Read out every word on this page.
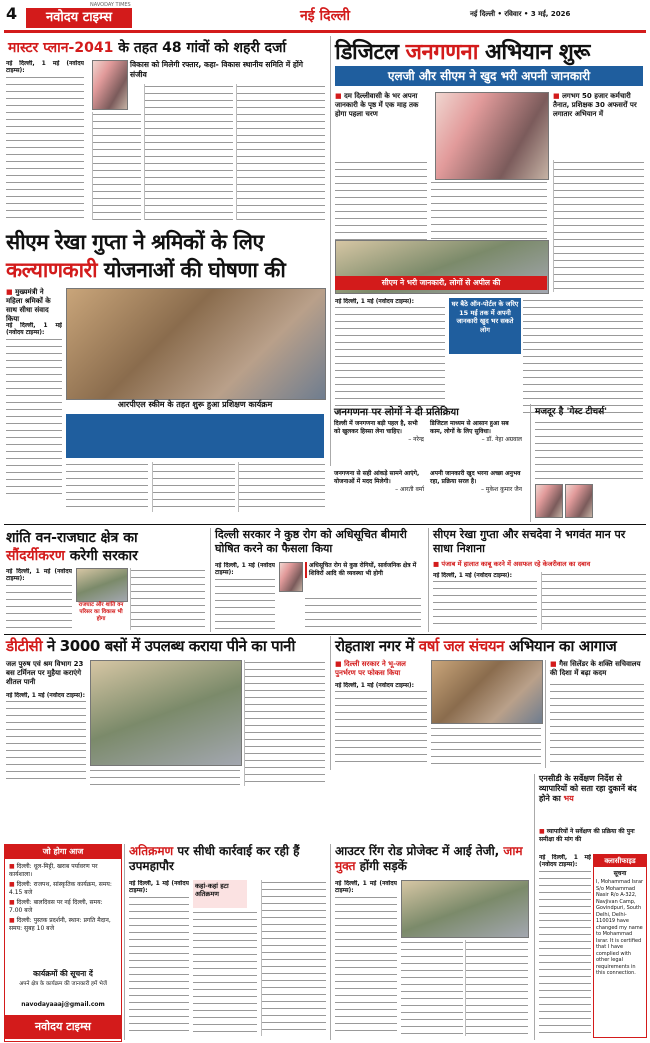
4	NAVODAY TIMES
नवोदय टाइम्स	नई दिल्ली	नई दिल्ली • रविवार • 3 मई, 2026
मास्टर प्लान-2041 के तहत 48 गांवों को शहरी दर्जा
नई दिल्ली, 1 मई (नवोदय टाइम्स):
विकास को मिलेगी रफ्तार, कहा- विकास स्थानीय समिति में होंगे संजीव
डिजिटल जनगणना अभियान शुरू
एलजी और सीएम ने खुद भरी अपनी जानकारी
■ दम दिल्लीवासी के भर अपना जानकारी के पृष्ठ में एक माह तक होगा पहला चरण
■ लगभग 50 हजार कर्मचारी तैनात, प्रशिक्षक 30 अफसरों पर लगातार अभियान में
सीएम ने भरी जानकारी, लोगों से अपील की
घर बैठे ऑन-पोर्टल के जरिए 15 मई तक में अपनी जानकारी खुद भर सकते लोग
नई दिल्ली, 1 मई (नवोदय टाइम्स):
सीएम रेखा गुप्ता ने श्रमिकों के लिए
कल्याणकारी योजनाओं की घोषणा की
■ मुख्यमंत्री ने महिला श्रमिकों के साथ सीधा संवाद किया
नई दिल्ली, 1 मई (नवोदय टाइम्स):
आरपीएल स्कीम के तहत शुरू हुआ प्रशिक्षण कार्यक्रम
जनगणना पर लोगों ने दी प्रतिक्रिया
दिल्ली में जनगणना बड़ी पहल है, सभी को खुलकर हिस्सा लेना चाहिए।
– नरेन्द्र
डिजिटल माध्यम से आसान हुआ सब काम, लोगों के लिए सुविधा।
– डॉ. नेहा अग्रवाल
जनगणना से सही आंकड़े सामने आएंगे, योजनाओं में मदद मिलेगी।
– आरती वर्मा
अपनी जानकारी खुद भरना अच्छा अनुभव रहा, प्रक्रिया सरल है।
– मुकेश कुमार जैन
मजदूर है 'गेस्ट टीचर्स'
शांति वन-राजघाट क्षेत्र का
सौंदर्यीकरण करेगी सरकार
नई दिल्ली, 1 मई (नवोदय टाइम्स):
राजघाट और शांति वन परिसर का विकास भी होगा
दिल्ली सरकार ने कुष्ठ रोग को अधिसूचित बीमारी घोषित करने का फैसला किया
नई दिल्ली, 1 मई (नवोदय टाइम्स):
अधिसूचित रोग से कुष्ठ रोगियों, सार्वजनिक क्षेत्र में शिविरों आदि की व्यवस्था भी होगी
सीएम रेखा गुप्ता और सचदेवा ने भगवंत मान पर साधा निशाना
■ पंजाब में हालात काबू करने में असफल रहे केजरीवाल का दबाव
नई दिल्ली, 1 मई (नवोदय टाइम्स):
डीटीसी ने 3000 बसों में उपलब्ध कराया पीने का पानी
जल पुरुष एवं श्रम विभाग 23 बस टर्मिनल पर मुहैया कराएंगे शीतल पानी
नई दिल्ली, 1 मई (नवोदय टाइम्स):
रोहताश नगर में वर्षा जल संचयन अभियान का आगाज
■ दिल्ली सरकार ने भू-जल पुनर्भरण पर फोकस किया
नई दिल्ली, 1 मई (नवोदय टाइम्स):
■ गैस सिलेंडर के शक्ति सचिवालय की दिशा में बढ़ा कदम
जो होगा आज
■ दिल्ली: धूल-मिट्टी, खराब पर्यावरण पर कार्यशाला।
■ दिल्ली: राजपथ, सांस्कृतिक कार्यक्रम, समय: 4.15 बजे
■ दिल्ली: बालदिवस पर नई दिल्ली, समय: 7.00 बजे
■ दिल्ली: पुस्तक प्रदर्शनी, स्थान: प्रगति मैदान, समय: सुबह 10 बजे
कार्यक्रमों की सूचना दें
अपने क्षेत्र के कार्यक्रम की जानकारी हमें भेजें
navodayaaaj@gmail.com
नवोदय टाइम्स
अतिक्रमण पर सीधी कार्रवाई कर रही हैं उपमहापौर
नई दिल्ली, 1 मई (नवोदय टाइम्स):
कहां-कहां हटा अतिक्रमण
आउटर रिंग रोड प्रोजेक्ट में आई तेजी, जाम मुक्त होंगी सड़कें
नई दिल्ली, 1 मई (नवोदय टाइम्स):
एनसीडी के सर्वेक्षण निर्देश से व्यापारियों को सता रहा दुकानें बंद होने का भय
■ व्यापारियों ने सर्वेक्षण की प्रक्रिया की पुनः समीक्षा की मांग की
नई दिल्ली, 1 मई (नवोदय टाइम्स):	क्लासीफाइड
सूचना
I, Mohammad Israr S/o Mohammad Nasir R/o A-322, Navjivan Camp, Govindpuri, South Delhi, Delhi-110019 have changed my name to Mohammad Israr. It is certified that I have complied with other legal requirements in this connection.
